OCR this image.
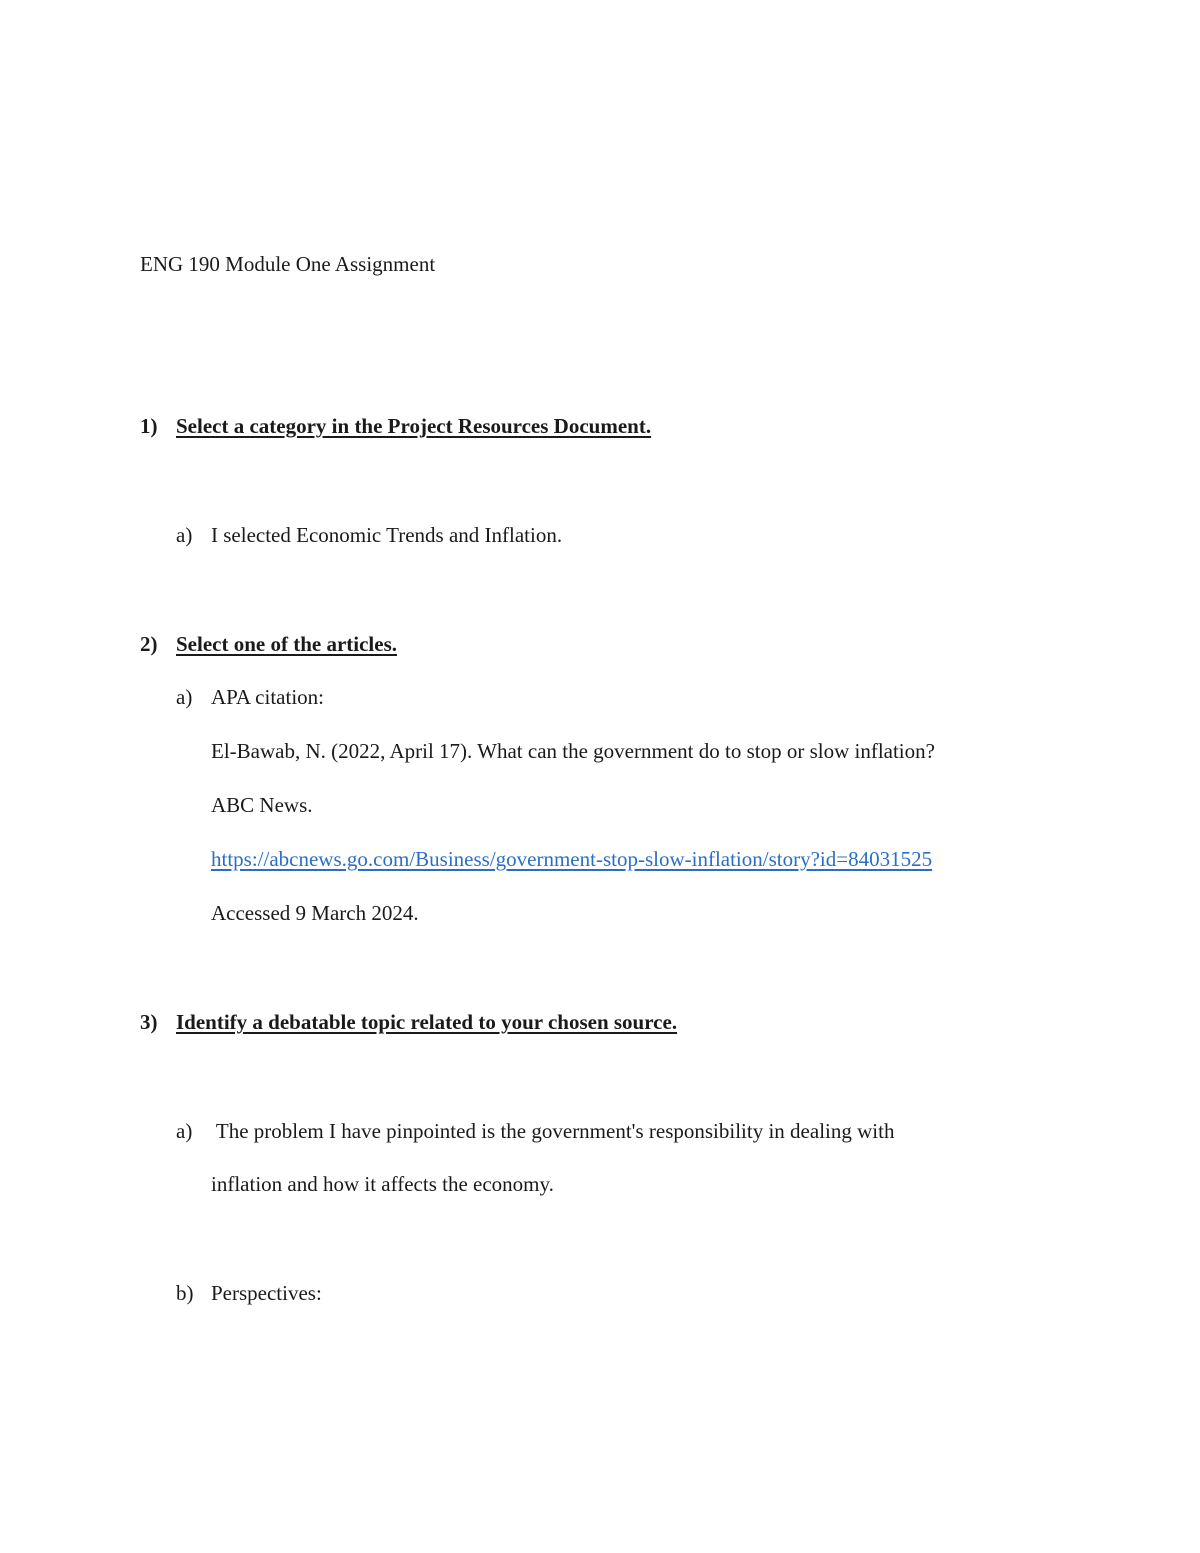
ENG 190 Module One Assignment
1) Select a category in the Project Resources Document.
a) I selected Economic Trends and Inflation.
2) Select one of the articles.
a) APA citation:
El-Bawab, N. (2022, April 17). What can the government do to stop or slow inflation?
ABC News.
https://abcnews.go.com/Business/government-stop-slow-inflation/story?id=84031525
Accessed 9 March 2024.
3) Identify a debatable topic related to your chosen source.
a) The problem I have pinpointed is the government's responsibility in dealing with
inflation and how it affects the economy.
b) Perspectives:
